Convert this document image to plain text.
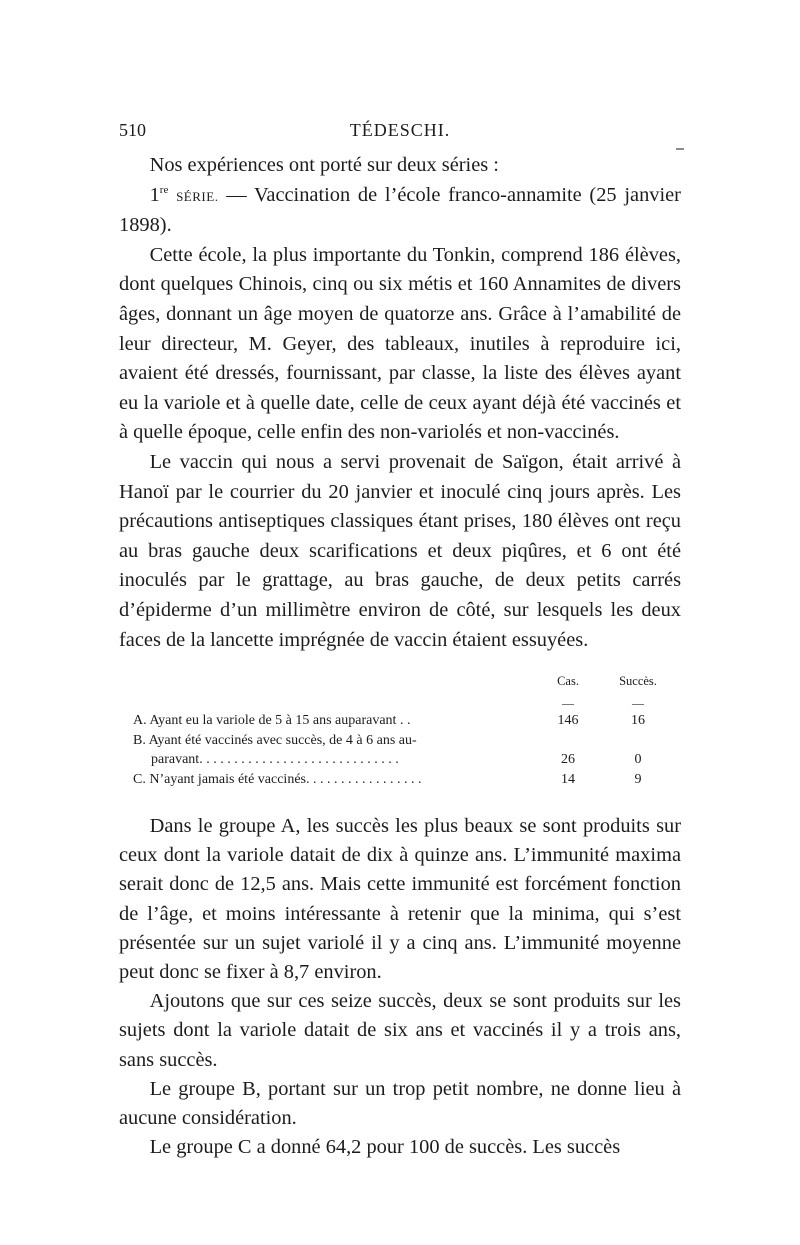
510	TÉDESCHI.

Nos expériences ont porté sur deux séries :

1re SÉRIE. — Vaccination de l’école franco-annamite (25 janvier 1898).

Cette école, la plus importante du Tonkin, comprend 186 élèves, dont quelques Chinois, cinq ou six métis et 160 Annamites de divers âges, donnant un âge moyen de quatorze ans. Grâce à l’amabilité de leur directeur, M. Geyer, des tableaux, inutiles à reproduire ici, avaient été dressés, fournissant, par classe, la liste des élèves ayant eu la variole et à quelle date, celle de ceux ayant déjà été vaccinés et à quelle époque, celle enfin des non-variolés et non-vaccinés.

Le vaccin qui nous a servi provenait de Saïgon, était arrivé à Hanoï par le courrier du 20 janvier et inoculé cinq jours après. Les précautions antiseptiques classiques étant prises, 180 élèves ont reçu au bras gauche deux scarifications et deux piqûres, et 6 ont été inoculés par le grattage, au bras gauche, de deux petits carrés d’épiderme d’un millimètre environ de côté, sur lesquels les deux faces de la lancette imprégnée de vaccin étaient essuyées.

Cas.	Succès.
—	—
A. Ayant eu la variole de 5 à 15 ans auparavant . .	146	16
B. Ayant été vaccinés avec succès, de 4 à 6 ans au-
paravant. . . . . . . . . . . . . . . . . . . . . . . . . . . . .	26	0
C. N’ayant jamais été vaccinés. . . . . . . . . . . . . . . . .	14	9

Dans le groupe A, les succès les plus beaux se sont produits sur ceux dont la variole datait de dix à quinze ans. L’immunité maxima serait donc de 12,5 ans. Mais cette immunité est forcément fonction de l’âge, et moins intéressante à retenir que la minima, qui s’est présentée sur un sujet variolé il y a cinq ans. L’immunité moyenne peut donc se fixer à 8,7 environ.

Ajoutons que sur ces seize succès, deux se sont produits sur les sujets dont la variole datait de six ans et vaccinés il y a trois ans, sans succès.

Le groupe B, portant sur un trop petit nombre, ne donne lieu à aucune considération.

Le groupe C a donné 64,2 pour 100 de succès. Les succès
